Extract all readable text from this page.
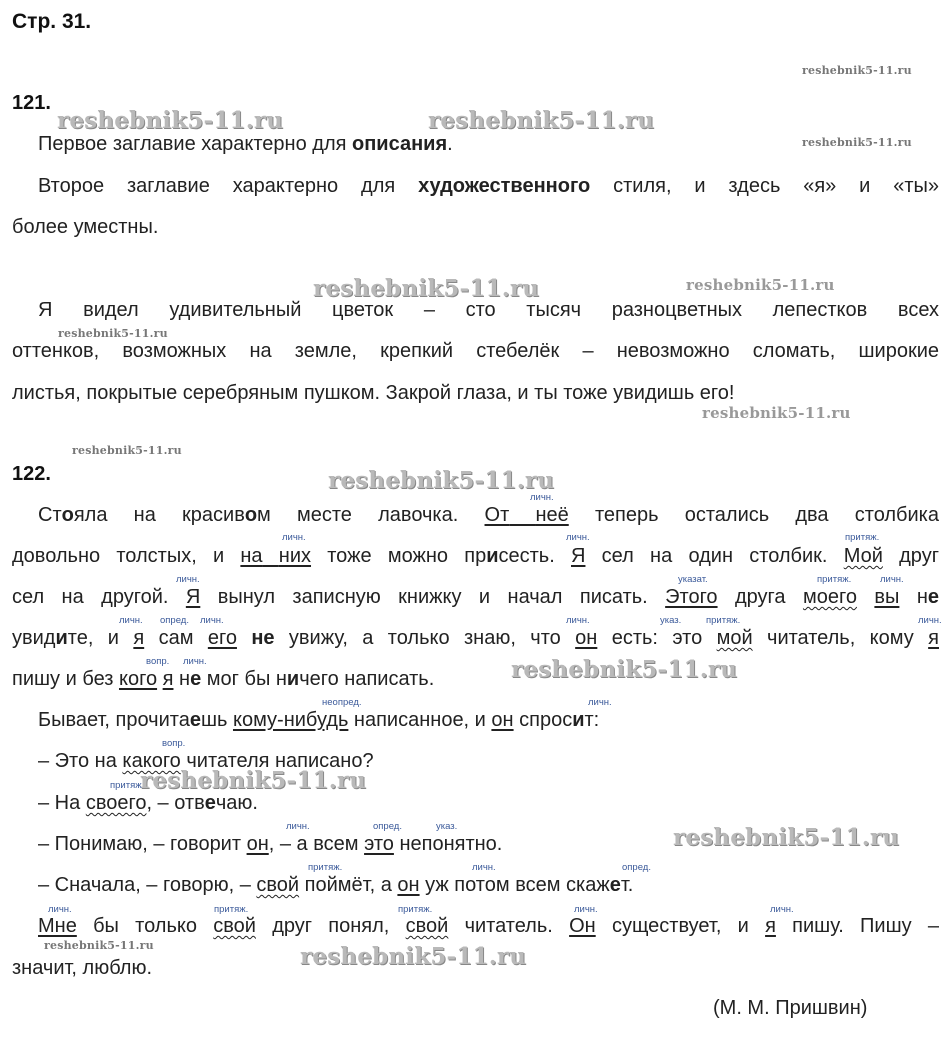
Стр. 31.
reshebnik5-11.ru
reshebnik5-11.ru	reshebnik5-11.ru
reshebnik5-11.ru
reshebnik5-11.ru	reshebnik5-11.ru
reshebnik5-11.ru
reshebnik5-11.ru
reshebnik5-11.ru
reshebnik5-11.ru
reshebnik5-11.ru
reshebnik5-11.ru
reshebnik5-11.ru
reshebnik5-11.ru	reshebnik5-11.ru
121.
Первое заглавие характерно для описания.
Второе заглавие характерно для художественного стиля, и здесь «я» и «ты»
более уместны.
Я видел удивительный цветок – сто тысяч разноцветных лепестков всех
оттенков, возможных на земле, крепкий стебелёк – невозможно сломать, широкие
листья, покрытые серебряным пушком. Закрой глаза, и ты тоже увидишь его!
122.
личн.
личн.	личн.	притяж.
личн.	указат.	притяж.	личн.
личн. опред. личн.	личн.	указ.	притяж.	личн.
вопр. личн.
неопред.	личн.
вопр.
притяж
личн.	опред.	указ.
притяж.	личн.	опред.
личн.	притяж.	притяж.	личн.	личн.
Стояла на красивом месте лавочка. От неё теперь остались два столбика
довольно толстых, и на них тоже можно присесть. Я сел на один столбик. Мой друг
сел на другой. Я вынул записную книжку и начал писать. Этого друга моего вы не
увидите, и я сам его не увижу, а только знаю, что он есть: это мой читатель, кому я
пишу и без кого я не мог бы ничего написать.
Бывает, прочитаешь кому-нибудь написанное, и он спросит:
– Это на какого читателя написано?
– На своего, – отвечаю.
– Понимаю, – говорит он, – а всем это непонятно.
– Сначала, – говорю, – свой поймёт, а он уж потом всем скажет.
Мне бы только свой друг понял, свой читатель. Он существует, и я пишу. Пишу –
значит, люблю.
(М. М. Пришвин)
